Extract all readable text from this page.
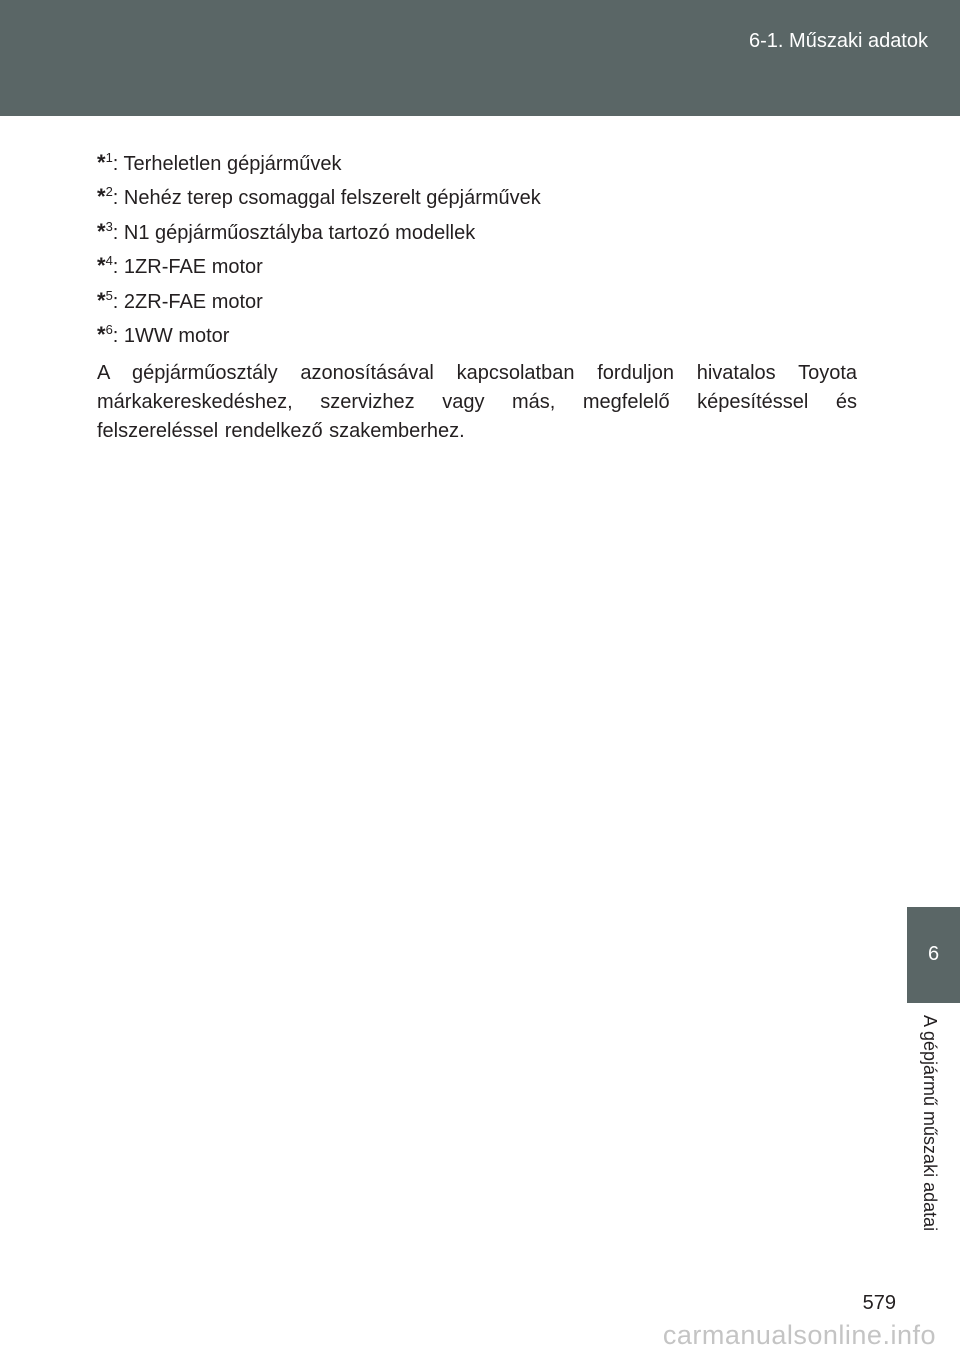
6-1. Műszaki adatok
*$^1$: Terheletlen gépjárművek
*$^2$: Nehéz terep csomaggal felszerelt gépjárművek
*$^3$: N1 gépjárműosztályba tartozó modellek
*$^4$: 1ZR-FAE motor
*$^5$: 2ZR-FAE motor
*$^6$: 1WW motor

A gépjárműosztály azonosításával kapcsolatban forduljon hivatalos Toyota márkakereskedéshez, szervizhez vagy más, megfelelő képesítéssel és felszereléssel rendelkező szakemberhez.

6
A gépjármű műszaki adatai
579
carmanualsonline.info
